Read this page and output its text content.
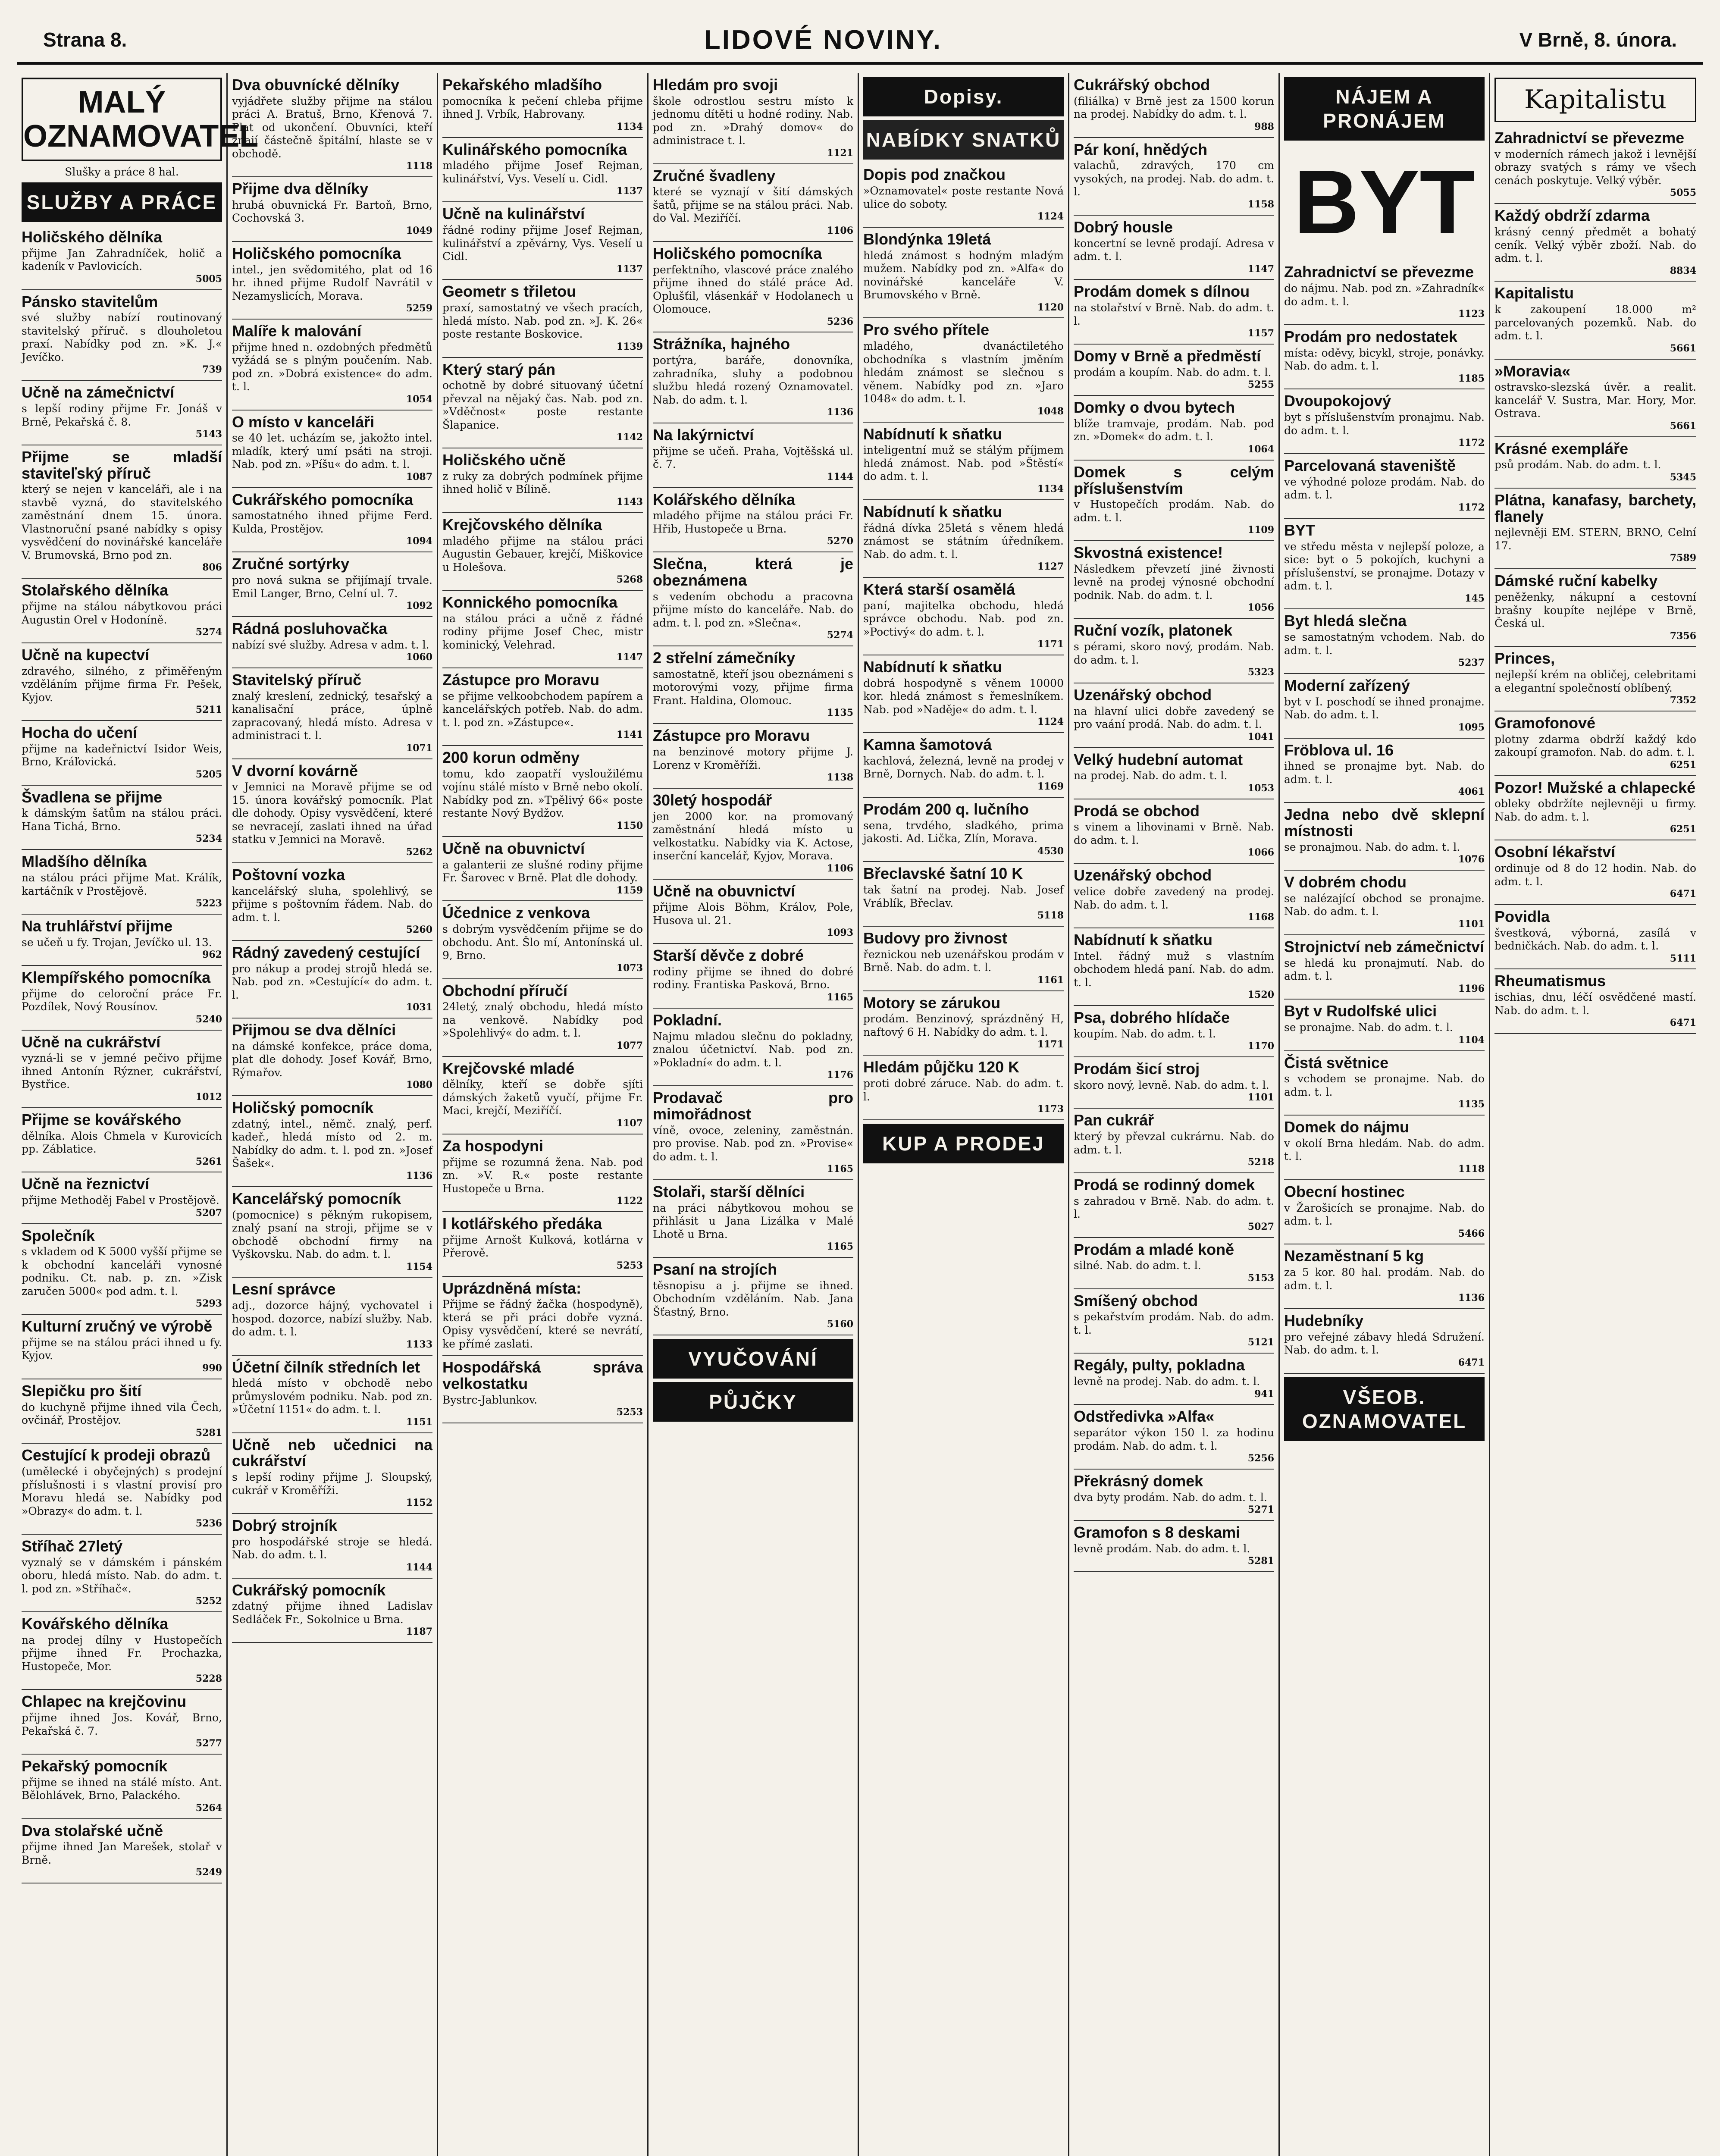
Strana 8.	LIDOVÉ NOVINY.	V Brně, 8. února.
MALÝ OZNAMOVATEL
Slušky a práce 8 hal.
SLUŽBY A PRÁCE
Holičského dělníka
přijme Jan Zahradníček, holič a kadeník v Pavlovicích.
5005
Pánsko stavitelům
své služby nabízí routinovaný stavitelský příruč. s dlouholetou praxí. Nabídky pod zn. »K. J.« Jevíčko.
739
Učně na zámečnictví
s lepší rodiny přijme Fr. Jonáš v Brně, Pekařská č. 8.
5143
Přijme se mladší staviteľský příruč
který se nejen v kanceláři, ale i na stavbě vyzná, do stavitelského zaměstnání dnem 15. února. Vlastnoruční psané nabídky s opisy vysvědčení do novinářské kanceláře V. Brumovská, Brno pod zn.
806
Stolařského dělníka
přijme na stálou nábytkovou práci Augustin Orel v Hodoníně.
5274
Učně na kupectví
zdravého, silného, z přiměřeným vzděláním přijme firma Fr. Pešek, Kyjov.
5211
Hocha do učení
přijme na kadeřnictví Isidor Weis, Brno, Kráľovická.
5205
Švadlena se přijme
k dámským šatům na stálou práci. Hana Tichá, Brno.
5234
Mladšího dělníka
na stálou práci přijme Mat. Králík, kartáčník v Prostějově.
5223
Na truhlářství přijme
se učeň u fy. Trojan, Jevíčko ul. 13.
962
Klempířského pomocníka
přijme do celoroční práce Fr. Pozdílek, Nový Rousínov.
5240
Učně na cukrářství
vyzná-li se v jemné pečivo přijme ihned Antonín Rýzner, cukrářství, Bystřice.
1012
Přijme se kovářského
dělníka. Alois Chmela v Kurovicích pp. Záblatice.
5261
Učně na řeznictví
přijme Methoděj Fabel v Prostějově.
5207
Společník
s vkladem od K 5000 vyšší přijme se k obchodní kanceláři vynosné podniku. Ct. nab. p. zn. »Zisk zaručen 5000« pod adm. t. l.
5293
Kulturní zručný ve výrobě
přijme se na stálou práci ihned u fy. Kyjov.
990
Slepičku pro šití
do kuchyně přijme ihned vila Čech, ovčinář, Prostějov.
5281
Cestující k prodeji obrazů
(umělecké i obyčejných) s prodejní příslušnosti i s vlastní provisí pro Moravu hledá se. Nabídky pod »Obrazy« do adm. t. l.
5236
Stříhač 27letý
vyznalý se v dámském i pánském oboru, hledá místo. Nab. do adm. t. l. pod zn. »Stříhač«.
5252
Kovářského dělníka
na prodej dílny v Hustopečích přijme ihned Fr. Prochazka, Hustopeče, Mor.
5228
Chlapec na krejčovinu
přijme ihned Jos. Kovář, Brno, Pekařská č. 7.
5277
Pekařský pomocník
přijme se ihned na stálé místo. Ant. Bělohlávek, Brno, Palackého.
5264
Dva stolařské učně
přijme ihned Jan Marešek, stolař v Brně.
5249
Dva obuvnícké dělníky
vyjádřete služby přijme na stálou práci A. Bratuš, Brno, Křenová 7. Plat od ukončení. Obuvníci, kteří znají částečně špitální, hlaste se v obchodě.
1118
Přijme dva dělníky
hrubá obuvnická Fr. Bartoň, Brno, Cochovská 3.
1049
Holičského pomocníka
intel., jen svědomitého, plat od 16 hr. ihned přijme Rudolf Navrátil v Nezamyslicích, Morava.
5259
Malíře k malování
přijme hned n. ozdobných předmětů vyžádá se s plným poučením. Nab. pod zn. »Dobrá existence« do adm. t. l.
1054
O místo v kanceláři
se 40 let. ucházím se, jakožto intel. mladík, který umí psáti na stroji. Nab. pod zn. »Píšu« do adm. t. l.
1087
Cukrářského pomocníka
samostatného ihned přijme Ferd. Kulda, Prostějov.
1094
Zručné sortýrky
pro nová sukna se přijímají trvale. Emil Langer, Brno, Celní ul. 7.
1092
Rádná posluhovačka
nabízí své služby. Adresa v adm. t. l.
1060
Stavitelský příruč
znalý kreslení, zednický, tesařský a kanalisační práce, úplně zapracovaný, hledá místo. Adresa v administraci t. l.
1071
V dvorní kovárně
v Jemnici na Moravě přijme se od 15. února kovářský pomocník. Plat dle dohody. Opisy vysvědčení, které se nevracejí, zaslati ihned na úřad statku v Jemnici na Moravě.
5262
Poštovní vozka
kancelářský sluha, spolehlivý, se přijme s poštovním řádem. Nab. do adm. t. l.
5260
Rádný zavedený cestující
pro nákup a prodej strojů hledá se. Nab. pod zn. »Cestující« do adm. t. l.
1031
Přijmou se dva dělníci
na dámské konfekce, práce doma, plat dle dohody. Josef Kovář, Brno, Rýmařov.
1080
Holičský pomocník
zdatný, intel., němč. znalý, perf. kadeř., hledá místo od 2. m. Nabídky do adm. t. l. pod zn. »Josef Šašek«.
1136
Kancelářský pomocník
(pomocnice) s pěkným rukopisem, znalý psaní na stroji, přijme se v obchodě obchodní firmy na Vyškovsku. Nab. do adm. t. l.
1154
Lesní správce
adj., dozorce hájný, vychovatel i hospod. dozorce, nabízí služby. Nab. do adm. t. l.
1133
Účetní čilník středních let
hledá místo v obchodě nebo průmyslovém podniku. Nab. pod zn. »Účetní 1151« do adm. t. l.
1151
Učně neb učednici na cukrářství
s lepší rodiny přijme J. Sloupský, cukrář v Kroměříži.
1152
Dobrý strojník
pro hospodářské stroje se hledá. Nab. do adm. t. l.
1144
Cukrářský pomocník
zdatný přijme ihned Ladislav Sedláček Fr., Sokolnice u Brna.
1187
Pekařského mladšího
pomocníka k pečení chleba přijme ihned J. Vrbík, Habrovany.
1134
Kulinářského pomocníka
mladého přijme Josef Rejman, kulinářství, Vys. Veselí u. Cidl.
1137
Učně na kulinářství
řádné rodiny přijme Josef Rejman, kulinářství a zpěvárny, Vys. Veselí u Cidl.
1137
Geometr s třiletou
praxí, samostatný ve všech pracích, hledá místo. Nab. pod zn. »J. K. 26« poste restante Boskovice.
1139
Který starý pán
ochotně by dobré situovaný účetní převzal na nějaký čas. Nab. pod zn. »Vděčnost« poste restante Šlapanice.
1142
Holičského učně
z ruky za dobrých podmínek přijme ihned holič v Bílině.
1143
Krejčovského dělníka
mladého přijme na stálou práci Augustin Gebauer, krejčí, Miškovice u Holešova.
5268
Konnického pomocníka
na stálou práci a učně z řádné rodiny přijme Josef Chec, mistr kominický, Velehrad.
1147
Zástupce pro Moravu
se přijme velkoobchodem papírem a kancelářských potřeb. Nab. do adm. t. l. pod zn. »Zástupce«.
1141
200 korun odměny
tomu, kdo zaopatří vysloužilému vojínu stálé místo v Brně nebo okolí. Nabídky pod zn. »Tpělivý 66« poste restante Nový Bydžov.
1150
Učně na obuvnictví
a galanterii ze slušné rodiny přijme Fr. Šarovec v Brně. Plat dle dohody.
1159
Účednice z venkova
s dobrým vysvědčením přijme se do obchodu. Ant. Šlo mí, Antonínská ul. 9, Brno.
1073
Obchodní příručí
24letý, znalý obchodu, hledá místo na venkově. Nabídky pod »Spolehlivý« do adm. t. l.
1077
Krejčovské mladé
dělníky, kteří se dobře sjíti dámských žaketů vyučí, přijme Fr. Maci, krejčí, Meziříčí.
1107
Za hospodyni
přijme se rozumná žena. Nab. pod zn. »V. R.« poste restante Hustopeče u Brna.
1122
I kotlářského předáka
přijme Arnošt Kulková, kotlárna v Přerově.
5253
Uprázdněná místa:
Přijme se řádný žačka (hospodyně), která se při práci dobře vyzná. Opisy vysvědčení, které se nevrátí, ke přímé zaslati.
Hospodářská správa velkostatku
Bystrc-Jablunkov.
5253
Hledám pro svoji
škole odrostlou sestru místo k jednomu dítěti u hodné rodiny. Nab. pod zn. »Drahý domov« do administrace t. l.
1121
Zručné švadleny
které se vyznají v šití dámských šatů, přijme se na stálou práci. Nab. do Val. Meziříčí.
1106
Holičského pomocníka
perfektního, vlascové práce znalého přijme ihned do stálé práce Ad. Oplušťil, vlásenkář v Hodolanech u Olomouce.
5236
Strážníka, hajného
portýra, baráře, donovníka, zahradníka, sluhy a podobnou službu hledá rozený Oznamovatel. Nab. do adm. t. l.
1136
Na lakýrnictví
přijme se učeň. Praha, Vojtěšská ul. č. 7.
1144
Kolářského dělníka
mladého přijme na stálou práci Fr. Hřib, Hustopeče u Brna.
5270
Slečna, která je obeznámena
s vedením obchodu a pracovna přijme místo do kanceláře. Nab. do adm. t. l. pod zn. »Slečna«.
5274
2 střelní zámečníky
samostatně, kteří jsou obeznámeni s motorovými vozy, přijme firma Frant. Haldina, Olomouc.
1135
Zástupce pro Moravu
na benzinové motory přijme J. Lorenz v Kroměříži.
1138
30letý hospodář
jen 2000 kor. na promovaný zaměstnání hledá místo u velkostatku. Nabídky via K. Actose, inserční kancelář, Kyjov, Morava.
1106
Učně na obuvnictví
přijme Alois Böhm, Králov, Pole, Husova ul. 21.
1093
Starší děvče z dobré
rodiny přijme se ihned do dobré rodiny. Frantiska Pasková, Brno.
1165
Pokladní.
Najmu mladou slečnu do pokladny, znalou účetnictví. Nab. pod zn. »Pokladní« do adm. t. l.
1176
Prodavač pro mimořádnost
víně, ovoce, zeleniny, zaměstnán. pro provise. Nab. pod zn. »Provise« do adm. t. l.
1165
Stolaři, starší dělníci
na práci nábytkovou mohou se přihlásit u Jana Lizálka v Malé Lhotě u Brna.
1165
Psaní na strojích
těsnopisu a j. přijme se ihned. Obchodním vzděláním. Nab. Jana Šťastný, Brno.
5160
VYUČOVÁNÍ
PŮJČKY
Dopisy.
NABÍDKY SNATKŮ
Dopis pod značkou
»Oznamovatel« poste restante Nová ulice do soboty.
1124
Blondýnka 19letá
hledá známost s hodným mladým mužem. Nabídky pod zn. »Alfa« do novinářské kanceláře V. Brumovského v Brně.
1120
Pro svého přítele
mladého, dvanáctiletého obchodníka s vlastním jměním hledám známost se slečnou s věnem. Nabídky pod zn. »Jaro 1048« do adm. t. l.
1048
Nabídnutí k sňatku
inteligentní muž se stálým příjmem hledá známost. Nab. pod »Štěstí« do adm. t. l.
1134
Nabídnutí k sňatku
řádná dívka 25letá s věnem hledá známost se státním úředníkem. Nab. do adm. t. l.
1127
Která starší osamělá
paní, majitelka obchodu, hledá správce obchodu. Nab. pod zn. »Poctivý« do adm. t. l.
1171
Nabídnutí k sňatku
dobrá hospodyně s věnem 10000 kor. hledá známost s řemeslníkem. Nab. pod »Naděje« do adm. t. l.
1124
Kamna šamotová
kachlová, železná, levně na prodej v Brně, Dornych. Nab. do adm. t. l.
1169
Prodám 200 q. lučního
sena, trvdého, sladkého, prima jakosti. Ad. Lička, Zlín, Morava.
4530
Břeclavské šatní 10 K
tak šatní na prodej. Nab. Josef Vráblík, Břeclav.
5118
Budovy pro živnost
řeznickou neb uzenářskou prodám v Brně. Nab. do adm. t. l.
1161
Motory se zárukou
prodám. Benzinový, sprázdněný H, naftový 6 H. Nabídky do adm. t. l.
1171
Hledám půjčku 120 K
proti dobré záruce. Nab. do adm. t. l.
1173
KUP A PRODEJ
Cukrářský obchod
(filiálka) v Brně jest za 1500 korun na prodej. Nabídky do adm. t. l.
988
Pár koní, hnědých
valachů, zdravých, 170 cm vysokých, na prodej. Nab. do adm. t. l.
1158
Dobrý housle
koncertní se levně prodají. Adresa v adm. t. l.
1147
Prodám domek s dílnou
na stolařství v Brně. Nab. do adm. t. l.
1157
Domy v Brně a předměstí
prodám a koupím. Nab. do adm. t. l.
5255
Domky o dvou bytech
blíže tramvaje, prodám. Nab. pod zn. »Domek« do adm. t. l.
1064
Domek s celým příslušenstvím
v Hustopečích prodám. Nab. do adm. t. l.
1109
Skvostná existence!
Následkem převzetí jiné živnosti levně na prodej výnosné obchodní podnik. Nab. do adm. t. l.
1056
Ruční vozík, platonek
s pérami, skoro nový, prodám. Nab. do adm. t. l.
5323
Uzenářský obchod
na hlavní ulici dobře zavedený se pro vaání prodá. Nab. do adm. t. l.
1041
Velký hudební automat
na prodej. Nab. do adm. t. l.
1053
Prodá se obchod
s vinem a lihovinami v Brně. Nab. do adm. t. l.
1066
Uzenářský obchod
velice dobře zavedený na prodej. Nab. do adm. t. l.
1168
Nabídnutí k sňatku
Intel. řádný muž s vlastním obchodem hledá paní. Nab. do adm. t. l.
1520
Psa, dobrého hlídače
koupím. Nab. do adm. t. l.
1170
Prodám šicí stroj
skoro nový, levně. Nab. do adm. t. l.
1101
Pan cukrář
který by převzal cukrárnu. Nab. do adm. t. l.
5218
Prodá se rodinný domek
s zahradou v Brně. Nab. do adm. t. l.
5027
Prodám a mladé koně
silné. Nab. do adm. t. l.
5153
Smíšený obchod
s pekařstvím prodám. Nab. do adm. t. l.
5121
Regály, pulty, pokladna
levně na prodej. Nab. do adm. t. l.
941
Odstředivka »Alfa«
separátor výkon 150 l. za hodinu prodám. Nab. do adm. t. l.
5256
Překrásný domek
dva byty prodám. Nab. do adm. t. l.
5271
Gramofon s 8 deskami
levně prodám. Nab. do adm. t. l.
5281
NÁJEM A PRONÁJEM
BYT
Zahradnictví se převezme
do nájmu. Nab. pod zn. »Zahradník« do adm. t. l.
1123
Prodám pro nedostatek
místa: oděvy, bicykl, stroje, ponávky. Nab. do adm. t. l.
1185
Dvoupokojový
byt s příslušenstvím pronajmu. Nab. do adm. t. l.
1172
Parcelovaná staveniště
ve výhodné poloze prodám. Nab. do adm. t. l.
1172
BYT
ve středu města v nejlepší poloze, a sice: byt o 5 pokojích, kuchyni a příslušenství, se pronajme. Dotazy v adm. t. l.
145
Byt hledá slečna
se samostatným vchodem. Nab. do adm. t. l.
5237
Moderní zařízený
byt v I. poschodí se ihned pronajme. Nab. do adm. t. l.
1095
Fröblova ul. 16
ihned se pronajme byt. Nab. do adm. t. l.
4061
Jedna nebo dvě sklepní místnosti
se pronajmou. Nab. do adm. t. l.
1076
V dobrém chodu
se nalézající obchod se pronajme. Nab. do adm. t. l.
1101
Strojnictví neb zámečnictví
se hledá ku pronajmutí. Nab. do adm. t. l.
1196
Byt v Rudolfské ulici
se pronajme. Nab. do adm. t. l.
1104
Čistá světnice
s vchodem se pronajme. Nab. do adm. t. l.
1135
Domek do nájmu
v okolí Brna hledám. Nab. do adm. t. l.
1118
Obecní hostinec
v Žarošicích se pronajme. Nab. do adm. t. l.
5466
Nezaměstnaní 5 kg
za 5 kor. 80 hal. prodám. Nab. do adm. t. l.
1136
Hudebníky
pro veřejné zábavy hledá Sdružení. Nab. do adm. t. l.
6471
VŠEOB. OZNAMOVATEL
Kapitalistu
Zahradnictví se převezme
v moderních rámech jakož i levnější obrazy svatých s rámy ve všech cenách poskytuje. Velký výběr.
5055
Každý obdrží zdarma
krásný cenný předmět a bohatý ceník. Velký výběr zboží. Nab. do adm. t. l.
8834
Kapitalistu
k zakoupení 18.000 m² parcelovaných pozemků. Nab. do adm. t. l.
5661
»Moravia«
ostravsko-slezská úvěr. a realit. kancelář V. Sustra, Mar. Hory, Mor. Ostrava.
5661
Krásné exempláře
psů prodám. Nab. do adm. t. l.
5345
Plátna, kanafasy, barchety, flanely
nejlevněji EM. STERN, BRNO, Celní 17.
7589
Dámské ruční kabelky
peněženky, nákupní a cestovní brašny koupíte nejlépe v Brně, Česká ul.
7356
Princes,
nejlepší krém na obličej, celebritami a elegantní společností oblíbený.
7352
Gramofonové
plotny zdarma obdrží každý kdo zakoupí gramofon. Nab. do adm. t. l.
6251
Pozor! Mužské a chlapecké
obleky obdržíte nejlevněji u firmy. Nab. do adm. t. l.
6251
Osobní lékařství
ordinuje od 8 do 12 hodin. Nab. do adm. t. l.
6471
Povidla
švestková, výborná, zasílá v bedničkách. Nab. do adm. t. l.
5111
Rheumatismus
ischias, dnu, léčí osvědčené mastí. Nab. do adm. t. l.
6471
